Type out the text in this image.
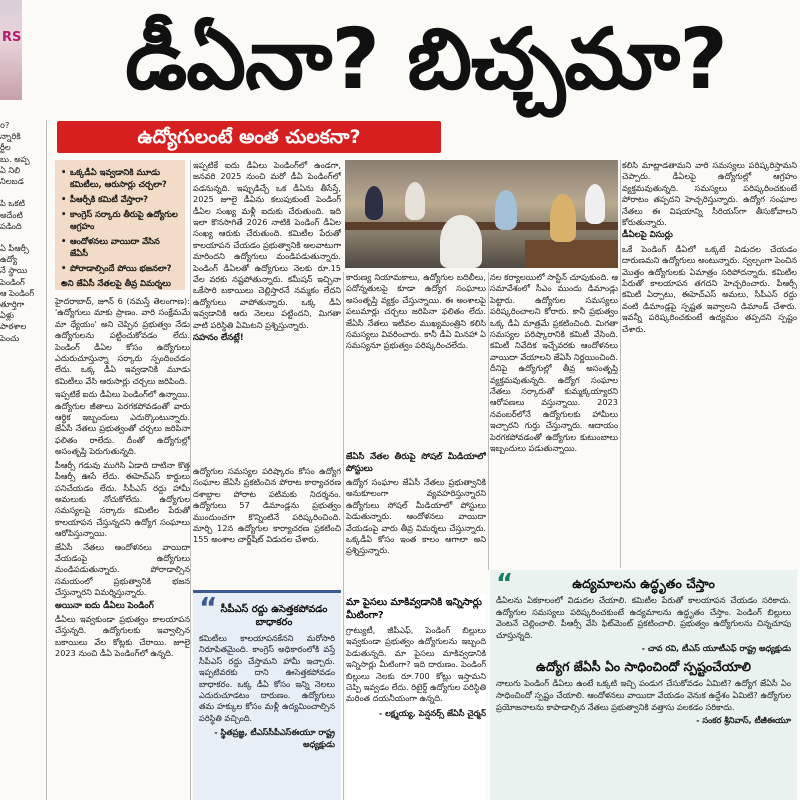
RS	డీఏనా? బిచ్చమా?
ఉద్యోగులంటే అంత చులకనా?

o?

న్నారికి

ర్టీల

బు. అప్ప

ఏ నిలి

నిలబడ

పి ఒకటి

అదేంటి

పడింది

ఏ పీఆర్సీ

ఉద్యో

నే స్థాయి

పెండింగ్

ఆ పెండింగ్

తూర్తిగా

ఏళ్లు

పాఠశాల

పెంచు

• ఒక్కడీఏ ఇవ్వడానికి మూడు కమిటీలు, ఆరుసార్లు చర్చలా?
• పీఆర్సీకి కమిటీ వేస్తారా?
• కాంగ్రెస్ సర్కారు తీరుపై ఉద్యోగుల ఆగ్రహం
• ఆందోళనలు వాయిదా వేసిన జేఏసీ
• పోరాడాల్సిందే పోయి భజనలా?
• అని జేఏసీ నేతలపై తీవ్ర విమర్శలు

హైదరాబాద్, జూన్ 6 (నమస్తే తెలంగాణ): 'ఉద్యోగులు మాకు ప్రాణం. వారి సంక్షేమమే మా ధ్యేయం' అని చెప్పిన ప్రభుత్వం నేడు ఉద్యోగులను పట్టించుకోవడం లేదు. పెండింగ్ డీఏల కోసం ఉద్యోగులు ఎదురుచూస్తున్నా సర్కారు స్పందించడం లేదు. ఒక్క డీఏ ఇవ్వడానికి మూడు కమిటీలు వేసి ఆరుసార్లు చర్చలు జరిపింది.

ఇప్పటికే ఐదు డీఏలు పెండింగ్‌లో ఉన్నాయి. ఉద్యోగుల జీతాలు పెరగకపోవడంతో వారు ఆర్థిక ఇబ్బందులు ఎదుర్కొంటున్నారు. జేఏసీ నేతలు ప్రభుత్వంతో చర్చలు జరిపినా ఫలితం రాలేదు. దీంతో ఉద్యోగుల్లో అసంతృప్తి పెరుగుతున్నది.

పీఆర్సీ గడువు ముగిసి ఏడాది దాటినా కొత్త పీఆర్సీ ఊసే లేదు. ఈహెచ్ఎస్ కార్డులు పనిచేయడం లేదు. సీపీఎస్ రద్దు హామీ అమలుకు నోచుకోలేదు. ఉద్యోగుల సమస్యలపై సర్కారు కమిటీల పేరుతో కాలయాపన చేస్తున్నదని ఉద్యోగ సంఘాలు ఆరోపిస్తున్నాయి.

జేఏసీ నేతలు ఆందోళనలు వాయిదా వేయడంపై ఉద్యోగులు మండిపడుతున్నారు. పోరాడాల్సిన సమయంలో ప్రభుత్వానికి భజన చేస్తున్నారని విమర్శిస్తున్నారు.

అయినా ఐదు డీఏలు పెండింగ్

డీఏలు ఇవ్వకుండా ప్రభుత్వం కాలయాపన చేస్తున్నది. ఉద్యోగులకు ఇవ్వాల్సిన బకాయిలు వేల కోట్లకు చేరాయి. జూలై 2023 నుంచి డీఏ పెండింగ్‌లో ఉన్నది.

ఇప్పటికే ఐదు డీఏలు పెండింగ్‌లో ఉండగా, జనవరి 2025 నుంచి మరో డీఏ పెండింగ్‌లో పడనున్నది. ఇప్పుడిచ్చే ఒక డీఏను తీసేస్తే, 2025 జూలై డీఏను కలుపుకుంటే పెండింగ్ డీఏల సంఖ్య మళ్లీ ఐదుకు చేరుతుంది. ఇది ఇలా కొనసాగితే 2026 నాటికి పెండింగ్ డీఏల సంఖ్య ఆరుకు చేరుతుంది. కమిటీల పేరుతో కాలయాపన చేయడం ప్రభుత్వానికి అలవాటుగా మారిందని ఉద్యోగులు మండిపడుతున్నారు. పెండింగ్ డీఏలతో ఉద్యోగులు నెలకు రూ.15 వేల వరకు నష్టపోతున్నారు. కమీషన్ ఇచ్చినా ఒకేసారి బకాయిలు చెల్లిస్తారనే నమ్మకం లేదని ఉద్యోగులు వాపోతున్నారు. ఒక్క డీఏ ఇవ్వడానికి ఆరు నెలలు పట్టిందని, మిగతా వాటి పరిస్థితి ఏమిటని ప్రశ్నిస్తున్నారు.

సహనం లేనట్లే!

ఉద్యోగుల సమస్యల పరిష్కారం కోసం ఉద్యోగ సంఘాల జేఏసీ ప్రకటించిన పోరాట కార్యాచరణ దశాబ్దాల పోరాట పటిమకు నిదర్శనం. ఉద్యోగులు 57 డిమాండ్లను ప్రభుత్వం ముందుంచగా కొన్నింటినే పరిష్కరించింది. మార్చి 12న ఉద్యోగుల కార్యాచరణ ప్రకటించి 155 అంశాల చార్జ్‌షీట్ విడుదల చేశారు.

కారుణ్య నియామకాలు, ఉద్యోగుల బదిలీలు, పదోన్నతులపై కూడా ఉద్యోగ సంఘాలు అసంతృప్తి వ్యక్తం చేస్తున్నాయి. ఈ అంశాలపై పలుమార్లు చర్చలు జరిపినా ఫలితం లేదు. జేఏసీ నేతలు ఇటీవల ముఖ్యమంత్రిని కలిసి సమస్యలు వివరించారు. కానీ డీఏ మినహా ఏ సమస్యనూ ప్రభుత్వం పరిష్కరించలేదు.

జేఏసీ నేతల తీరుపై సోషల్ మీడియాలో పోస్టులు

ఉద్యోగ సంఘాల జేఏసీ నేతలు ప్రభుత్వానికి అనుకూలంగా వ్యవహరిస్తున్నారని ఉద్యోగులు సోషల్ మీడియాలో పోస్టులు పెడుతున్నారు. ఆందోళనలు వాయిదా వేయడంపై వారు తీవ్ర విమర్శలు చేస్తున్నారు. ఒక్కడీఏ కోసం ఇంత కాలం ఆగాలా అని ప్రశ్నిస్తున్నారు.

నల కర్యాలయిలో సాస్టిన్ చూపుకుంది. ఆ సమావేశంలో సీఎం ముందు డిమాండ్లు పెట్టారు. ఉద్యోగుల సమస్యలు పరిష్కరించాలని కోరారు. కానీ ప్రభుత్వం ఒక్క డీఏ మాత్రమే ప్రకటించింది. మిగతా సమస్యల పరిష్కారానికి కమిటీ వేసింది. కమిటీ నివేదిక ఇచ్చేవరకు ఆందోళనలు వాయిదా వేయాలని జేఏసీ నిర్ణయించింది. దీనిపై ఉద్యోగుల్లో తీవ్ర అసంతృప్తి వ్యక్తమవుతున్నది. ఉద్యోగ సంఘాల నేతలు సర్కారుతో కుమ్మక్కయ్యారని ఆరోపణలు వస్తున్నాయి. 2023 నవంబర్‌లోనే ఉద్యోగులకు హామీలు ఇచ్చారని గుర్తు చేస్తున్నారు. ఆదాయం పెరగకపోవడంతో ఉద్యోగుల కుటుంబాలు ఇబ్బందులు పడుతున్నాయి.

కలిసి మాట్లాడతామని వారి సమస్యలు పరిష్కరిస్తామని చెప్పారు. డీఏలపై ఉద్యోగుల్లో ఆగ్రహం వ్యక్తమవుతున్నది. సమస్యలు పరిష్కరించకుంటే పోరాటం తప్పదని హెచ్చరిస్తున్నారు. ఉద్యోగ సంఘాల నేతలు ఈ విషయాన్ని సీరియస్‌గా తీసుకోవాలని కోరుతున్నారు.

డీఏలపై విసుర్లు

ఒకే పెండింగ్ డీఏలో ఒక్కటే విడుదల చేయడం దారుణమని ఉద్యోగులు అంటున్నారు. స్వల్పంగా పెంచిన మొత్తం ఉద్యోగులకు ఏమాత్రం సరిపోదన్నారు. కమిటీల పేరుతో కాలయాపన తగదని హెచ్చరించారు. పీఆర్సీ కమిటీ ఏర్పాటు, ఈహెచ్ఎస్ అమలు, సీపీఎస్ రద్దు వంటి డిమాండ్లపై స్పష్టత ఇవ్వాలని డిమాండ్ చేశారు. ఇవన్నీ పరిష్కరించకుంటే ఉద్యమం తప్పదని స్పష్టం చేశారు.

“ సీపీఎస్ రద్దు ఉసెత్తకపోవడం బాధాకరం
కమిటీలు కాలయాపనకేనని మరోసారి నిరూపితమైంది. కాంగ్రెస్ అధికారంలోకి వస్తే సీపీఎస్ రద్దు చేస్తామని హామీ ఇచ్చారు. ఇప్పటివరకు దాని ఊసెత్తకపోవడం బాధాకరం. ఒక్క డీఏ కోసం ఇన్ని నెలలు ఎదురుచూడటం దారుణం. ఉద్యోగులు తమ హక్కుల కోసం మళ్లీ ఉద్యమించాల్సిన పరిస్థితి వచ్చింది.
- స్థితప్రజ్ఞ, టీఎస్‌సీపీఎస్‌ఈయూ రాష్ట్ర అధ్యక్షుడు
మా పైసలు మాకివ్వడానికి ఇన్నిసార్లు మీటింగా?
గ్రాట్యుటీ, జీపీఎఫ్, పెండింగ్ బిల్లులు ఇవ్వకుండా ప్రభుత్వం ఉద్యోగులను ఇబ్బంది పెడుతున్నది. మా పైసలు మాకివ్వడానికి ఇన్నిసార్లు మీటింగా? ఇది దారుణం. పెండింగ్ బిల్లులు నెలకు రూ.700 కోట్లు ఇస్తామని చెప్పి ఇవ్వడం లేదు. రిటైర్డ్ ఉద్యోగుల పరిస్థితి మరింత దయనీయంగా ఉన్నది.
- లక్ష్మయ్య, పెన్షనర్స్ జేఏసీ చైర్మన్
“	ఉద్యమాలను ఉద్ధృతం చేస్తాం
డీఏలను ఏకకాలంలో విడుదల చేయాలి. కమిటీల పేరుతో కాలయాపన చేయడం సరికాదు. ఉద్యోగుల సమస్యలు పరిష్కరించకుంటే ఉద్యమాలను ఉద్ధృతం చేస్తాం. పెండింగ్ బిల్లులు వెంటనే చెల్లించాలి. పీఆర్సీ వేసి ఫిట్‌మెంట్ ప్రకటించాలి. ప్రభుత్వం ఉద్యోగులను చిన్నచూపు చూస్తున్నది.
- చావ రవి, టీఎస్ యూటీఎఫ్ రాష్ట్ర అధ్యక్షుడు
ఉద్యోగ జేఏసీ ఏం సాధించిందో స్పష్టంచేయాలి
నాలుగు పెండింగ్ డీఏలు ఉంటే ఒక్కటి ఇచ్చి పండుగ చేసుకోవడం ఏమిటి? ఉద్యోగ జేఏసీ ఏం సాధించిందో స్పష్టం చేయాలి. ఆందోళనలు వాయిదా వేయడం వెనుక ఉద్దేశం ఏమిటి? ఉద్యోగుల ప్రయోజనాలను కాపాడాల్సిన నేతలు ప్రభుత్వానికి వత్తాసు పలకడం సరికాదు.
- సంకర శ్రీనివాస్, టీజీఈయూ
